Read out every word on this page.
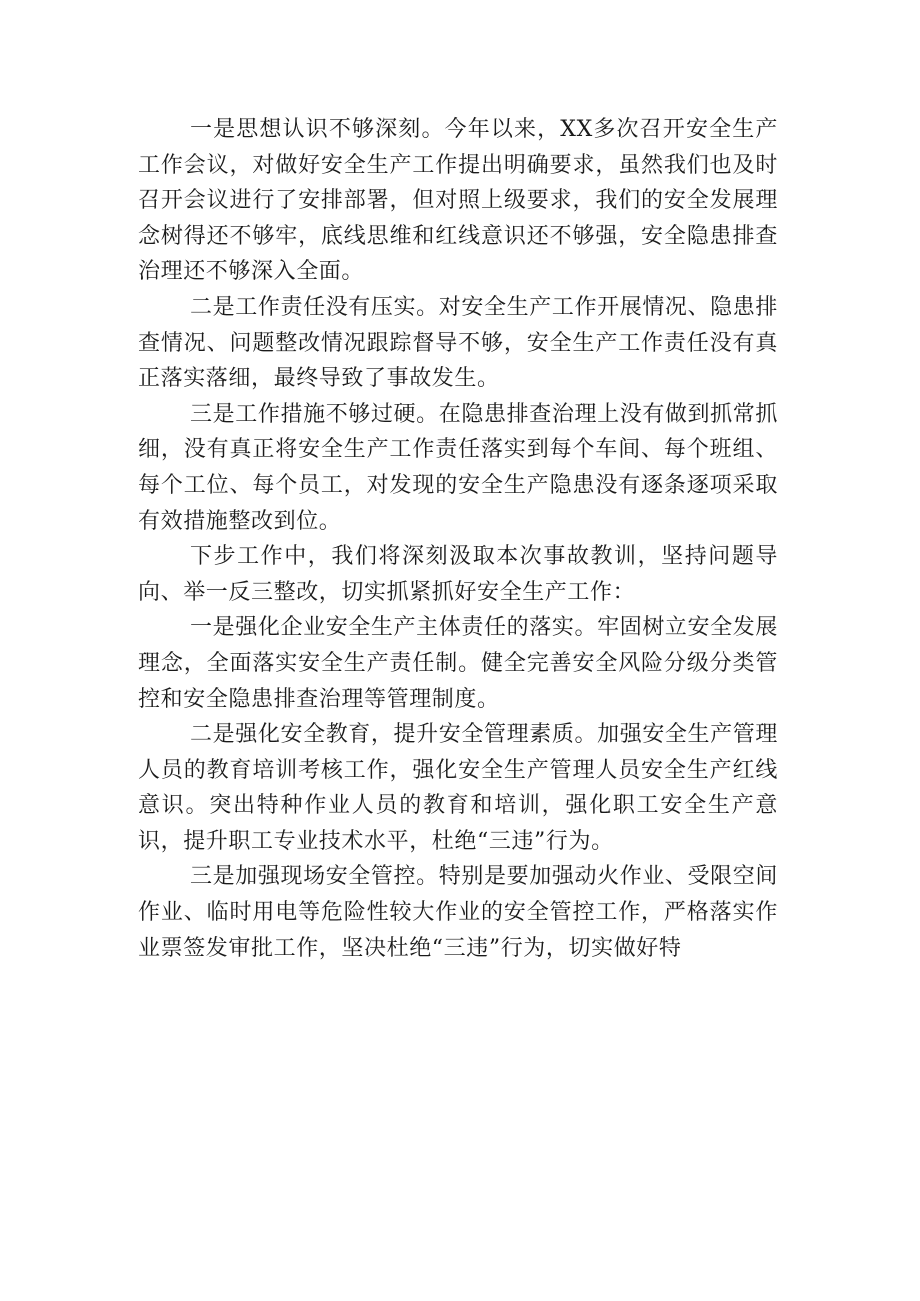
一是思想认识不够深刻。今年以来，XX多次召开安全生产工作会议，对做好安全生产工作提出明确要求，虽然我们也及时召开会议进行了安排部署，但对照上级要求，我们的安全发展理念树得还不够牢，底线思维和红线意识还不够强，安全隐患排查治理还不够深入全面。

二是工作责任没有压实。对安全生产工作开展情况、隐患排查情况、问题整改情况跟踪督导不够，安全生产工作责任没有真正落实落细，最终导致了事故发生。

三是工作措施不够过硬。在隐患排查治理上没有做到抓常抓细，没有真正将安全生产工作责任落实到每个车间、每个班组、每个工位、每个员工，对发现的安全生产隐患没有逐条逐项采取有效措施整改到位。

下步工作中，我们将深刻汲取本次事故教训，坚持问题导向、举一反三整改，切实抓紧抓好安全生产工作：

一是强化企业安全生产主体责任的落实。牢固树立安全发展理念，全面落实安全生产责任制。健全完善安全风险分级分类管控和安全隐患排查治理等管理制度。

二是强化安全教育，提升安全管理素质。加强安全生产管理人员的教育培训考核工作，强化安全生产管理人员安全生产红线意识。突出特种作业人员的教育和培训，强化职工安全生产意识，提升职工专业技术水平，杜绝“三违”行为。

三是加强现场安全管控。特别是要加强动火作业、受限空间作业、临时用电等危险性较大作业的安全管控工作，严格落实作业票签发审批工作，坚决杜绝“三违”行为，切实做好特
